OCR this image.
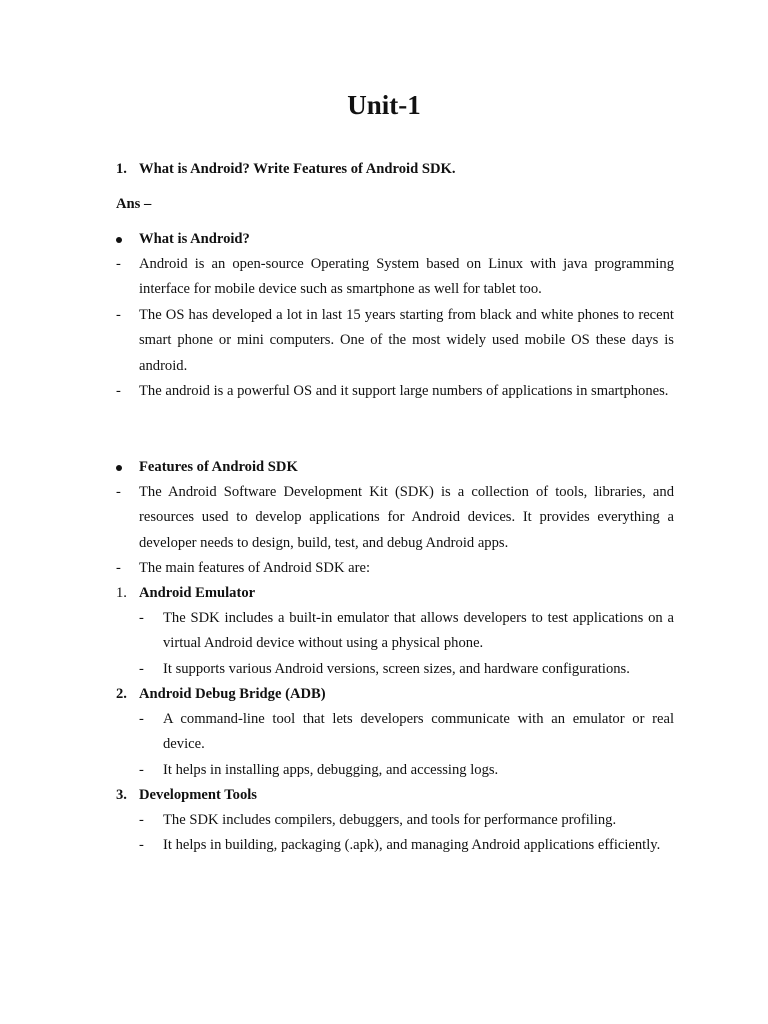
Unit-1
1. What is Android? Write Features of Android SDK.
Ans –
What is Android?
- Android is an open-source Operating System based on Linux with java programming interface for mobile device such as smartphone as well for tablet too.
- The OS has developed a lot in last 15 years starting from black and white phones to recent smart phone or mini computers. One of the most widely used mobile OS these days is android.
- The android is a powerful OS and it support large numbers of applications in smartphones.
Features of Android SDK
- The Android Software Development Kit (SDK) is a collection of tools, libraries, and resources used to develop applications for Android devices. It provides everything a developer needs to design, build, test, and debug Android apps.
- The main features of Android SDK are:
1. Android Emulator
- The SDK includes a built-in emulator that allows developers to test applications on a virtual Android device without using a physical phone.
- It supports various Android versions, screen sizes, and hardware configurations.
2. Android Debug Bridge (ADB)
- A command-line tool that lets developers communicate with an emulator or real device.
- It helps in installing apps, debugging, and accessing logs.
3. Development Tools
- The SDK includes compilers, debuggers, and tools for performance profiling.
- It helps in building, packaging (.apk), and managing Android applications efficiently.
